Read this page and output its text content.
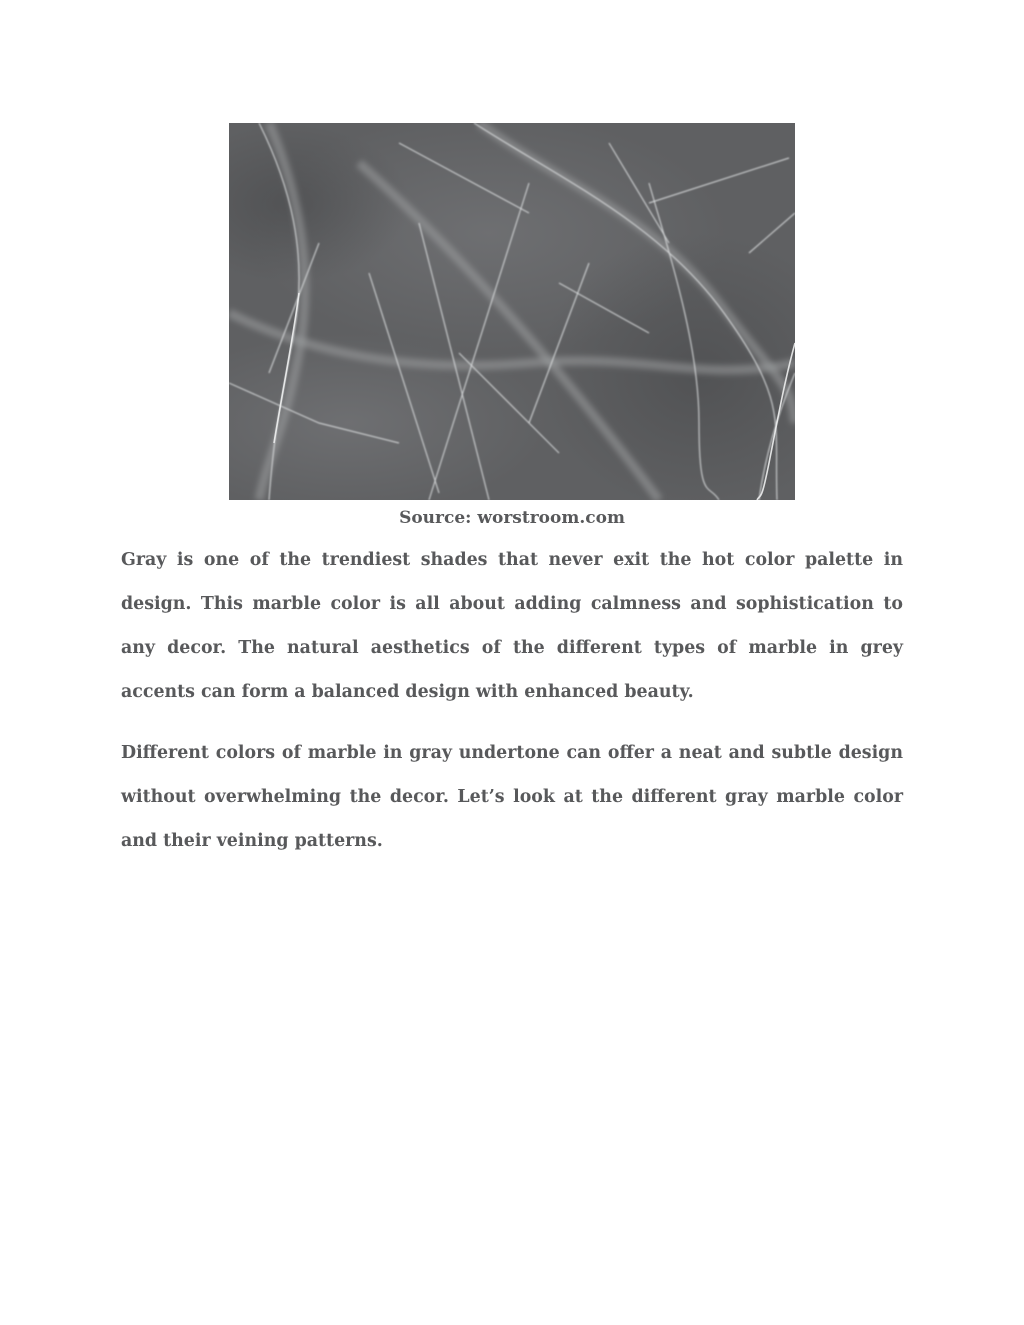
Source: worstroom.com

Gray is one of the trendiest shades that never exit the hot color palette in design. This marble color is all about adding calmness and sophistication to any decor. The natural aesthetics of the different types of marble in grey accents can form a balanced design with enhanced beauty.

Different colors of marble in gray undertone can offer a neat and subtle design without overwhelming the decor. Let’s look at the different gray marble color and their veining patterns.
